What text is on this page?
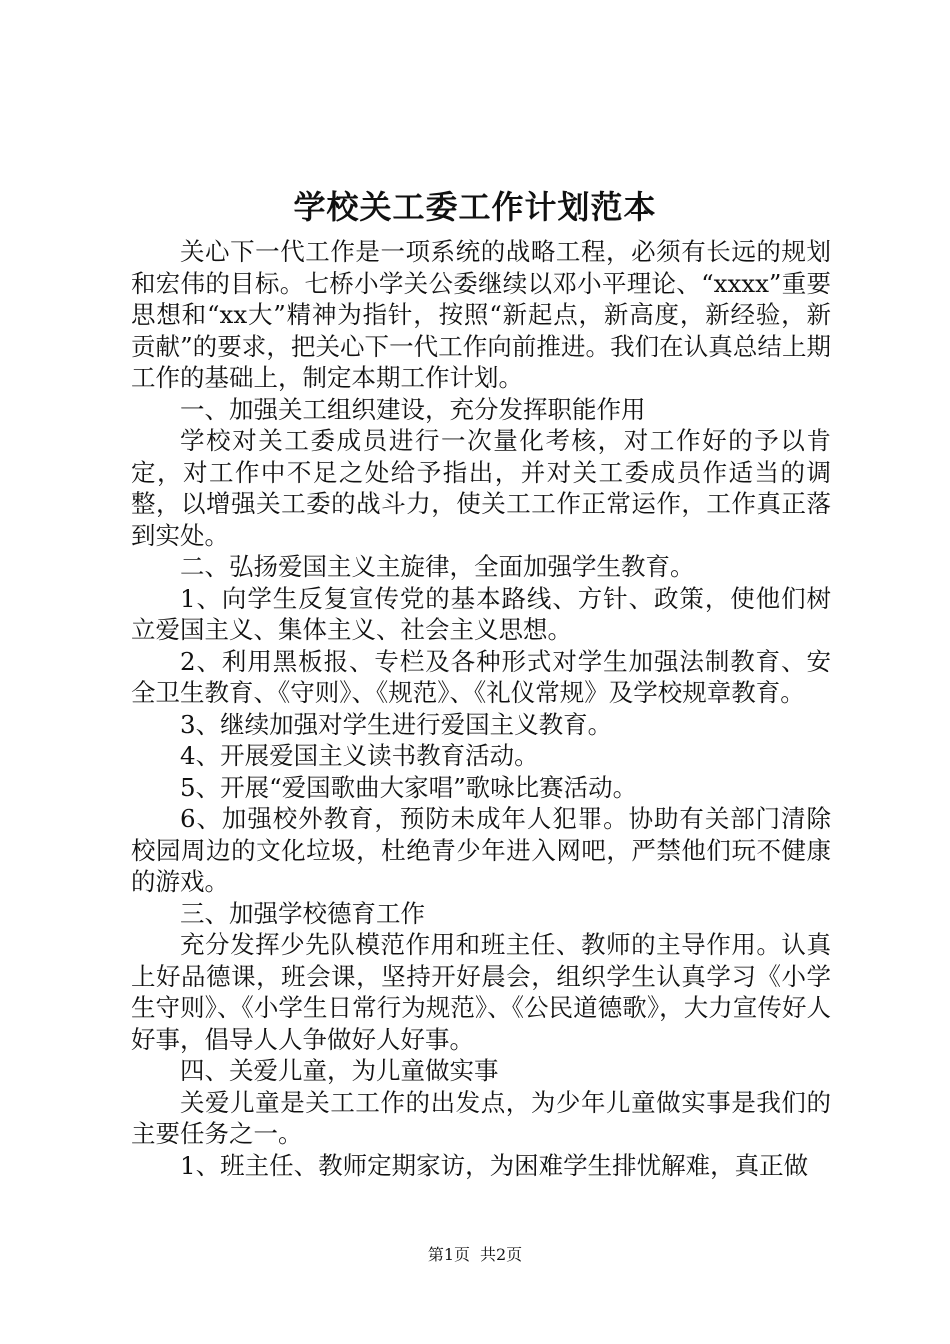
学校关工委工作计划范本

关心下一代工作是一项系统的战略工程，必须有长远的规划和宏伟的目标。七桥小学关公委继续以邓小平理论、“xxxx”重要思想和“xx大”精神为指针，按照“新起点，新高度，新经验，新贡献”的要求，把关心下一代工作向前推进。我们在认真总结上期工作的基础上，制定本期工作计划。

一、加强关工组织建设，充分发挥职能作用

学校对关工委成员进行一次量化考核，对工作好的予以肯定，对工作中不足之处给予指出，并对关工委成员作适当的调整，以增强关工委的战斗力，使关工工作正常运作，工作真正落到实处。

二、弘扬爱国主义主旋律，全面加强学生教育。

1、向学生反复宣传党的基本路线、方针、政策，使他们树立爱国主义、集体主义、社会主义思想。

2、利用黑板报、专栏及各种形式对学生加强法制教育、安全卫生教育、《守则》、《规范》、《礼仪常规》及学校规章教育。

3、继续加强对学生进行爱国主义教育。

4、开展爱国主义读书教育活动。

5、开展“爱国歌曲大家唱”歌咏比赛活动。

6、加强校外教育，预防未成年人犯罪。协助有关部门清除校园周边的文化垃圾，杜绝青少年进入网吧，严禁他们玩不健康的游戏。

三、加强学校德育工作

充分发挥少先队模范作用和班主任、教师的主导作用。认真上好品德课，班会课，坚持开好晨会，组织学生认真学习《小学生守则》、《小学生日常行为规范》、《公民道德歌》，大力宣传好人好事，倡导人人争做好人好事。

四、关爱儿童，为儿童做实事

关爱儿童是关工工作的出发点，为少年儿童做实事是我们的主要任务之一。

1、班主任、教师定期家访，为困难学生排忧解难，真正做

第1页 共2页
